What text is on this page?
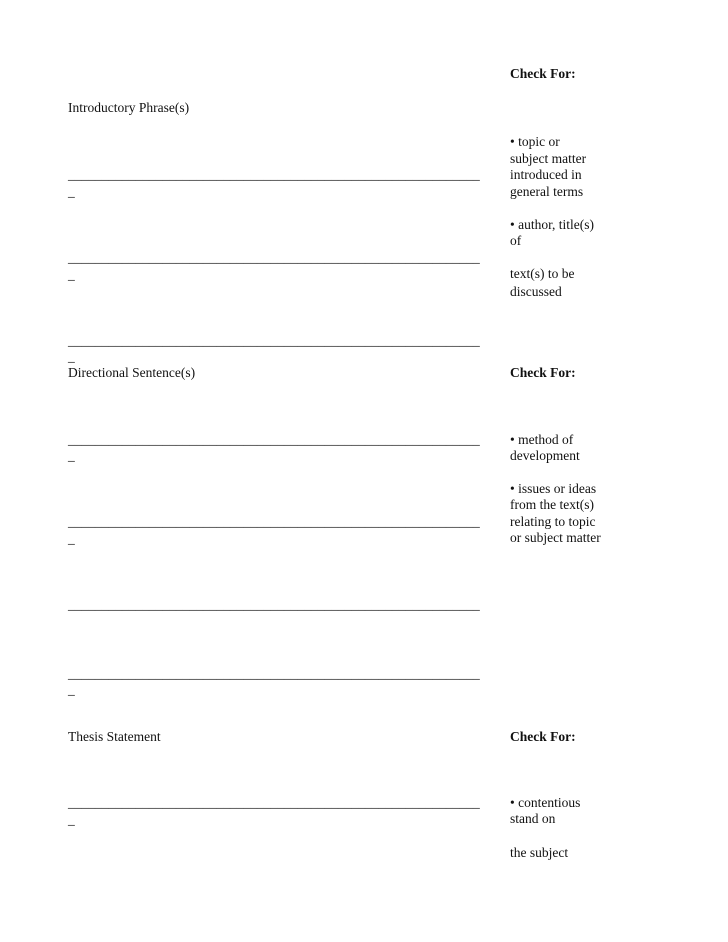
Check For:
Introductory Phrase(s)
• topic or
subject matter
introduced in
general terms
• author, title(s)
of
text(s) to be
discussed
_____________________________________________________________
_
_____________________________________________________________
_
_____________________________________________________________
_
Directional Sentence(s)	Check For:
• method of
development
• issues or ideas
from the text(s)
relating to topic
or subject matter
_____________________________________________________________
_
_____________________________________________________________
_
_____________________________________________________________
_____________________________________________________________
_
Thesis Statement	Check For:
• contentious
stand on
the subject
_____________________________________________________________
_
